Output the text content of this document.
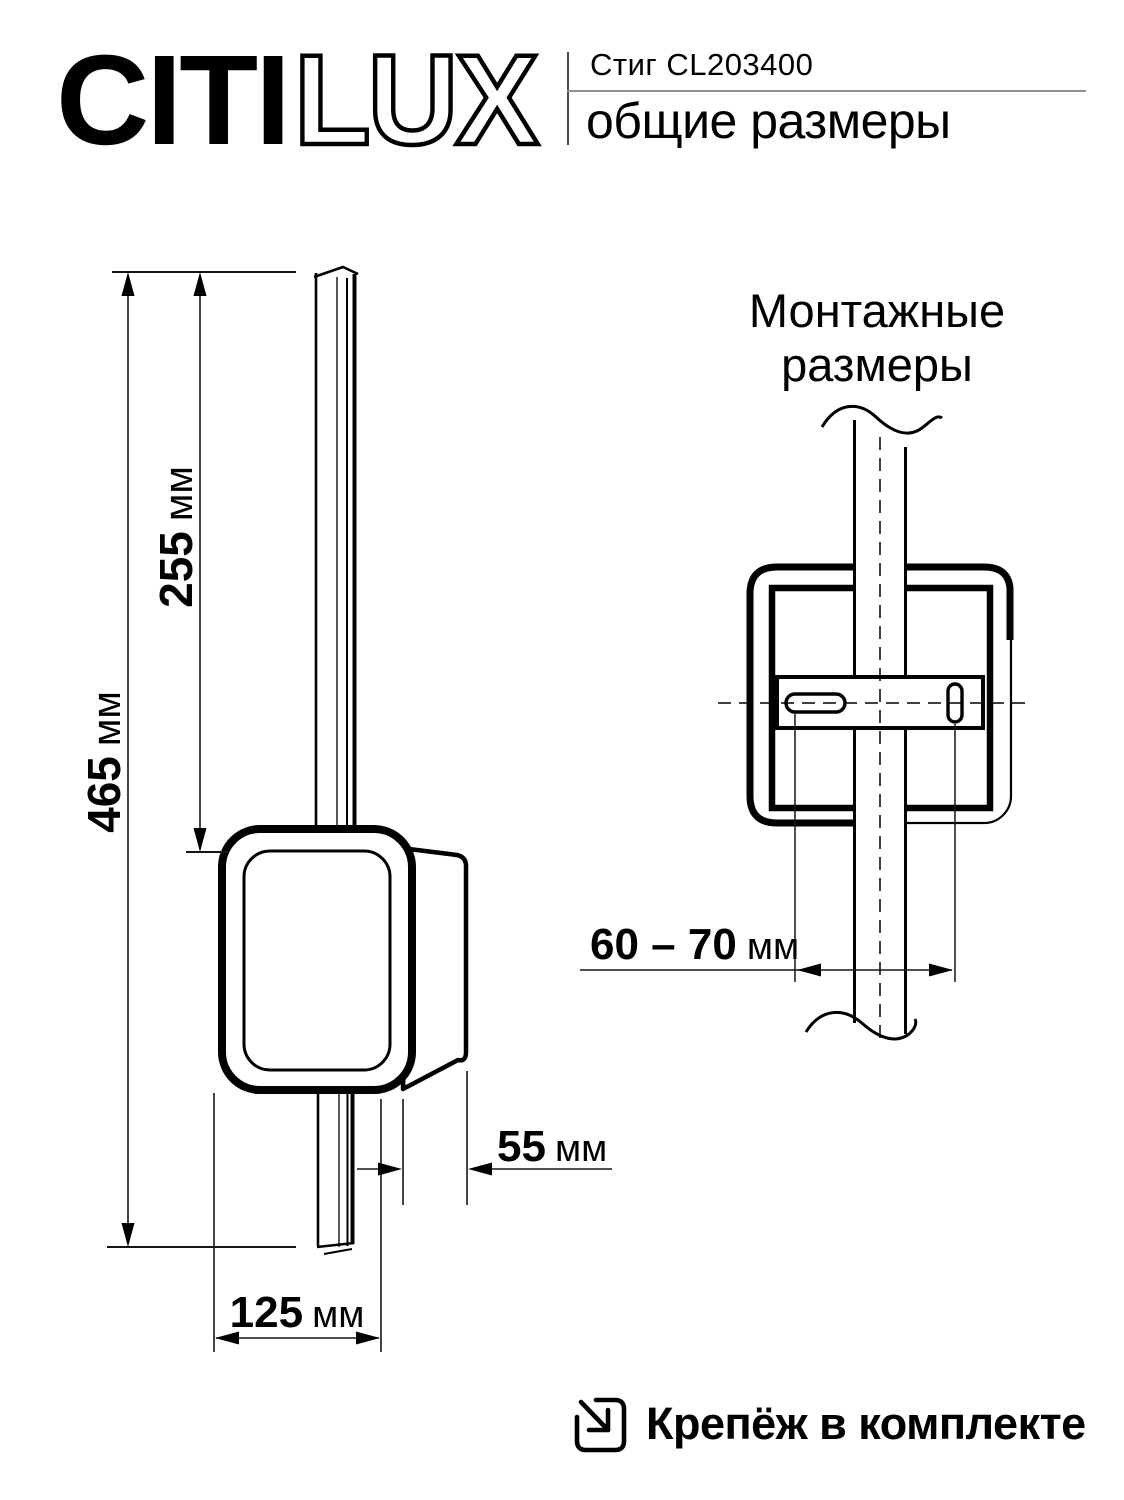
CITI LUX Стиг CL203400
общие размеры
465мм
255мм
125 мм
55 мм
Монтажные
размеры
60 – 70 мм
Крепёж в комплекте
